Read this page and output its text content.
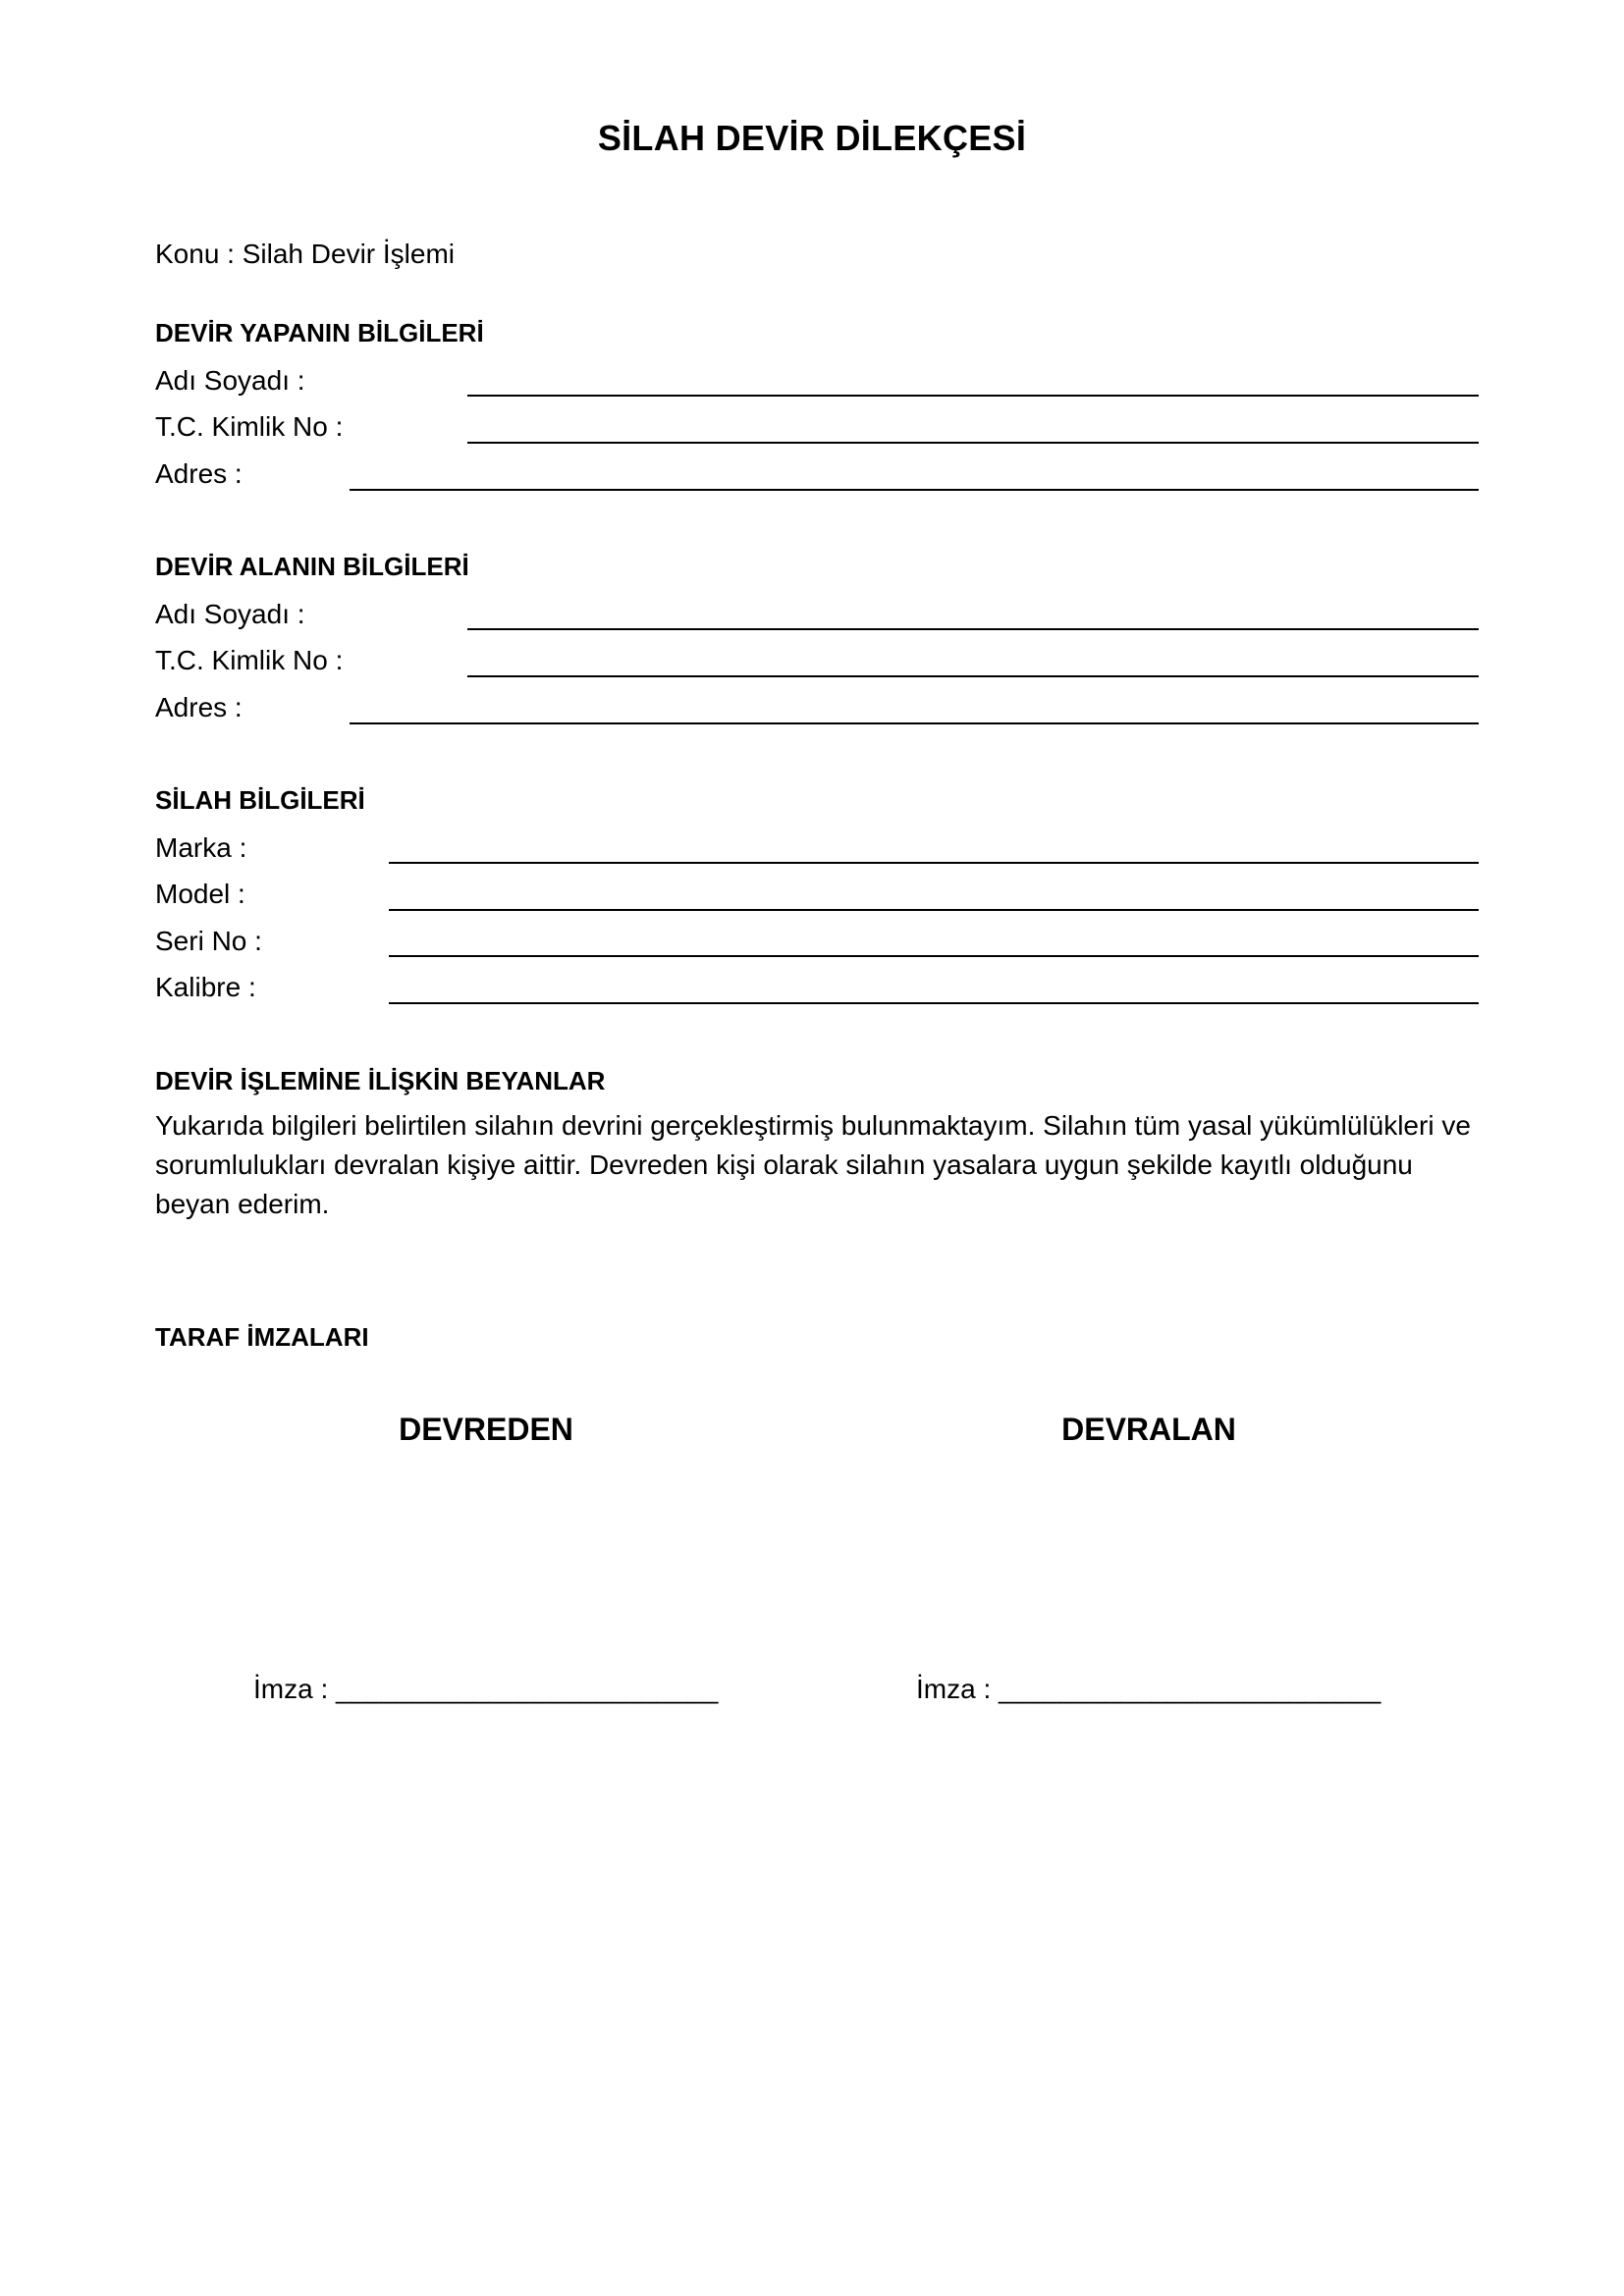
SİLAH DEVİR DİLEKÇESİ
Konu : Silah Devir İşlemi
DEVİR YAPANIN BİLGİLERİ
Adı Soyadı :
T.C. Kimlik No :
Adres :
DEVİR ALANIN BİLGİLERİ
Adı Soyadı :
T.C. Kimlik No :
Adres :
SİLAH BİLGİLERİ
Marka :
Model :
Seri No :
Kalibre :
DEVİR İŞLEMİNE İLİŞKİN BEYANLAR
Yukarıda bilgileri belirtilen silahın devrini gerçekleştirmiş bulunmaktayım. Silahın tüm yasal yükümlülükleri ve sorumlulukları devralan kişiye aittir. Devreden kişi olarak silahın yasalara uygun şekilde kayıtlı olduğunu beyan ederim.
TARAF İMZALARI
DEVREDEN	DEVRALAN
İmza : _________________________	İmza : _________________________
